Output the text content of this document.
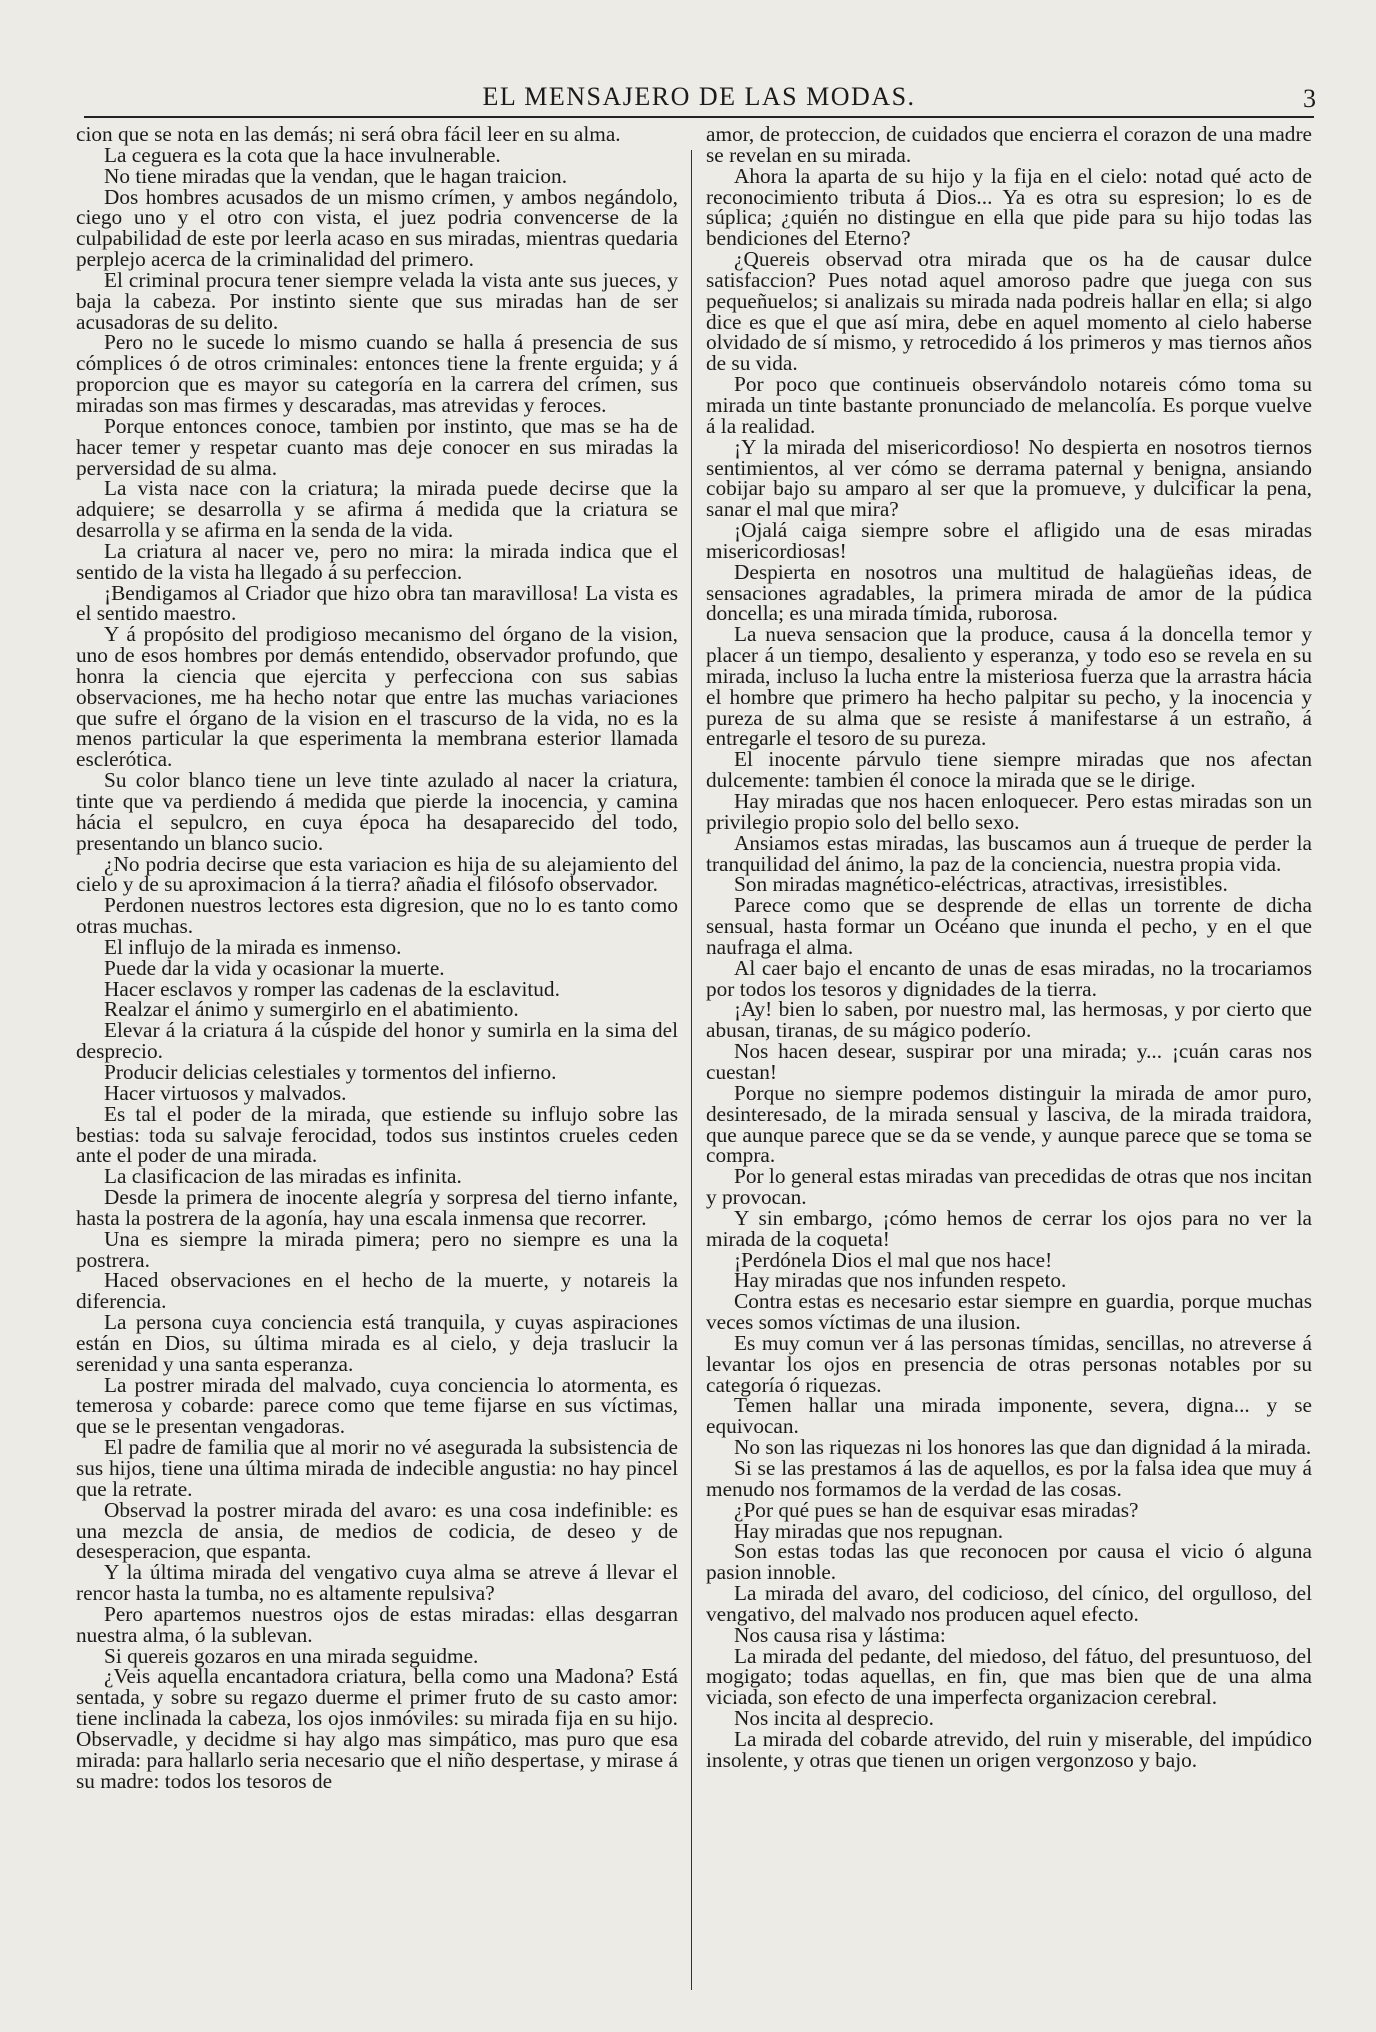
EL MENSAJERO DE LAS MODAS.	3

cion que se nota en las demás; ni será obra fácil leer en su alma.

La ceguera es la cota que la hace invulnerable.

No tiene miradas que la vendan, que le hagan traicion.

Dos hombres acusados de un mismo crímen, y ambos negándolo, ciego uno y el otro con vista, el juez podria convencerse de la culpabilidad de este por leerla acaso en sus miradas, mientras quedaria perplejo acerca de la criminalidad del primero.

El criminal procura tener siempre velada la vista ante sus jueces, y baja la cabeza. Por instinto siente que sus miradas han de ser acusadoras de su delito.

Pero no le sucede lo mismo cuando se halla á presencia de sus cómplices ó de otros criminales: entonces tiene la frente erguida; y á proporcion que es mayor su categoría en la carrera del crímen, sus miradas son mas firmes y descaradas, mas atrevidas y feroces.

Porque entonces conoce, tambien por instinto, que mas se ha de hacer temer y respetar cuanto mas deje conocer en sus miradas la perversidad de su alma.

La vista nace con la criatura; la mirada puede decirse que la adquiere; se desarrolla y se afirma á medida que la criatura se desarrolla y se afirma en la senda de la vida.

La criatura al nacer ve, pero no mira: la mirada indica que el sentido de la vista ha llegado á su perfeccion.

¡Bendigamos al Criador que hizo obra tan maravillosa! La vista es el sentido maestro.

Y á propósito del prodigioso mecanismo del órgano de la vision, uno de esos hombres por demás entendido, observador profundo, que honra la ciencia que ejercita y perfecciona con sus sabias observaciones, me ha hecho notar que entre las muchas variaciones que sufre el órgano de la vision en el trascurso de la vida, no es la menos particular la que esperimenta la membrana esterior llamada esclerótica.

Su color blanco tiene un leve tinte azulado al nacer la criatura, tinte que va perdiendo á medida que pierde la inocencia, y camina hácia el sepulcro, en cuya época ha desaparecido del todo, presentando un blanco sucio.

¿No podria decirse que esta variacion es hija de su alejamiento del cielo y de su aproximacion á la tierra? añadia el filósofo observador.

Perdonen nuestros lectores esta digresion, que no lo es tanto como otras muchas.

El influjo de la mirada es inmenso.

Puede dar la vida y ocasionar la muerte.

Hacer esclavos y romper las cadenas de la esclavitud.

Realzar el ánimo y sumergirlo en el abatimiento.

Elevar á la criatura á la cúspide del honor y sumirla en la sima del desprecio.

Producir delicias celestiales y tormentos del infierno.

Hacer virtuosos y malvados.

Es tal el poder de la mirada, que estiende su influjo sobre las bestias: toda su salvaje ferocidad, todos sus instintos crueles ceden ante el poder de una mirada.

La clasificacion de las miradas es infinita.

Desde la primera de inocente alegría y sorpresa del tierno infante, hasta la postrera de la agonía, hay una escala inmensa que recorrer.

Una es siempre la mirada pimera; pero no siempre es una la postrera.

Haced observaciones en el hecho de la muerte, y notareis la diferencia.

La persona cuya conciencia está tranquila, y cuyas aspiraciones están en Dios, su última mirada es al cielo, y deja traslucir la serenidad y una santa esperanza.

La postrer mirada del malvado, cuya conciencia lo atormenta, es temerosa y cobarde: parece como que teme fijarse en sus víctimas, que se le presentan vengadoras.

El padre de familia que al morir no vé asegurada la subsistencia de sus hijos, tiene una última mirada de indecible angustia: no hay pincel que la retrate.

Observad la postrer mirada del avaro: es una cosa indefinible: es una mezcla de ansia, de medios de codicia, de deseo y de desesperacion, que espanta.

Y la última mirada del vengativo cuya alma se atreve á llevar el rencor hasta la tumba, no es altamente repulsiva?

Pero apartemos nuestros ojos de estas miradas: ellas desgarran nuestra alma, ó la sublevan.

Si quereis gozaros en una mirada seguidme.

¿Veis aquella encantadora criatura, bella como una Madona? Está sentada, y sobre su regazo duerme el primer fruto de su casto amor: tiene inclinada la cabeza, los ojos inmóviles: su mirada fija en su hijo. Observadle, y decidme si hay algo mas simpático, mas puro que esa mirada: para hallarlo seria necesario que el niño despertase, y mirase á su madre: todos los tesoros de

amor, de proteccion, de cuidados que encierra el corazon de una madre se revelan en su mirada.

Ahora la aparta de su hijo y la fija en el cielo: notad qué acto de reconocimiento tributa á Dios... Ya es otra su espresion; lo es de súplica; ¿quién no distingue en ella que pide para su hijo todas las bendiciones del Eterno?

¿Quereis observad otra mirada que os ha de causar dulce satisfaccion? Pues notad aquel amoroso padre que juega con sus pequeñuelos; si analizais su mirada nada podreis hallar en ella; si algo dice es que el que así mira, debe en aquel momento al cielo haberse olvidado de sí mismo, y retrocedido á los primeros y mas tiernos años de su vida.

Por poco que continueis observándolo notareis cómo toma su mirada un tinte bastante pronunciado de melancolía. Es porque vuelve á la realidad.

¡Y la mirada del misericordioso! No despierta en nosotros tiernos sentimientos, al ver cómo se derrama paternal y benigna, ansiando cobijar bajo su amparo al ser que la promueve, y dulcificar la pena, sanar el mal que mira?

¡Ojalá caiga siempre sobre el afligido una de esas miradas misericordiosas!

Despierta en nosotros una multitud de halagüeñas ideas, de sensaciones agradables, la primera mirada de amor de la púdica doncella; es una mirada tímida, ruborosa.

La nueva sensacion que la produce, causa á la doncella temor y placer á un tiempo, desaliento y esperanza, y todo eso se revela en su mirada, incluso la lucha entre la misteriosa fuerza que la arrastra hácia el hombre que primero ha hecho palpitar su pecho, y la inocencia y pureza de su alma que se resiste á manifestarse á un estraño, á entregarle el tesoro de su pureza.

El inocente párvulo tiene siempre miradas que nos afectan dulcemente: tambien él conoce la mirada que se le dirige.

Hay miradas que nos hacen enloquecer. Pero estas miradas son un privilegio propio solo del bello sexo.

Ansiamos estas miradas, las buscamos aun á trueque de perder la tranquilidad del ánimo, la paz de la conciencia, nuestra propia vida.

Son miradas magnético-eléctricas, atractivas, irresistibles.

Parece como que se desprende de ellas un torrente de dicha sensual, hasta formar un Océano que inunda el pecho, y en el que naufraga el alma.

Al caer bajo el encanto de unas de esas miradas, no la trocariamos por todos los tesoros y dignidades de la tierra.

¡Ay! bien lo saben, por nuestro mal, las hermosas, y por cierto que abusan, tiranas, de su mágico poderío.

Nos hacen desear, suspirar por una mirada; y... ¡cuán caras nos cuestan!

Porque no siempre podemos distinguir la mirada de amor puro, desinteresado, de la mirada sensual y lasciva, de la mirada traidora, que aunque parece que se da se vende, y aunque parece que se toma se compra.

Por lo general estas miradas van precedidas de otras que nos incitan y provocan.

Y sin embargo, ¡cómo hemos de cerrar los ojos para no ver la mirada de la coqueta!

¡Perdónela Dios el mal que nos hace!

Hay miradas que nos infunden respeto.

Contra estas es necesario estar siempre en guardia, porque muchas veces somos víctimas de una ilusion.

Es muy comun ver á las personas tímidas, sencillas, no atreverse á levantar los ojos en presencia de otras personas notables por su categoría ó riquezas.

Temen hallar una mirada imponente, severa, digna... y se equivocan.

No son las riquezas ni los honores las que dan dignidad á la mirada.

Si se las prestamos á las de aquellos, es por la falsa idea que muy á menudo nos formamos de la verdad de las cosas.

¿Por qué pues se han de esquivar esas miradas?

Hay miradas que nos repugnan.

Son estas todas las que reconocen por causa el vicio ó alguna pasion innoble.

La mirada del avaro, del codicioso, del cínico, del orgulloso, del vengativo, del malvado nos producen aquel efecto.

Nos causa risa y lástima:

La mirada del pedante, del miedoso, del fátuo, del presuntuoso, del mogigato; todas aquellas, en fin, que mas bien que de una alma viciada, son efecto de una imperfecta organizacion cerebral.

Nos incita al desprecio.

La mirada del cobarde atrevido, del ruin y miserable, del impúdico insolente, y otras que tienen un origen vergonzoso y bajo.
